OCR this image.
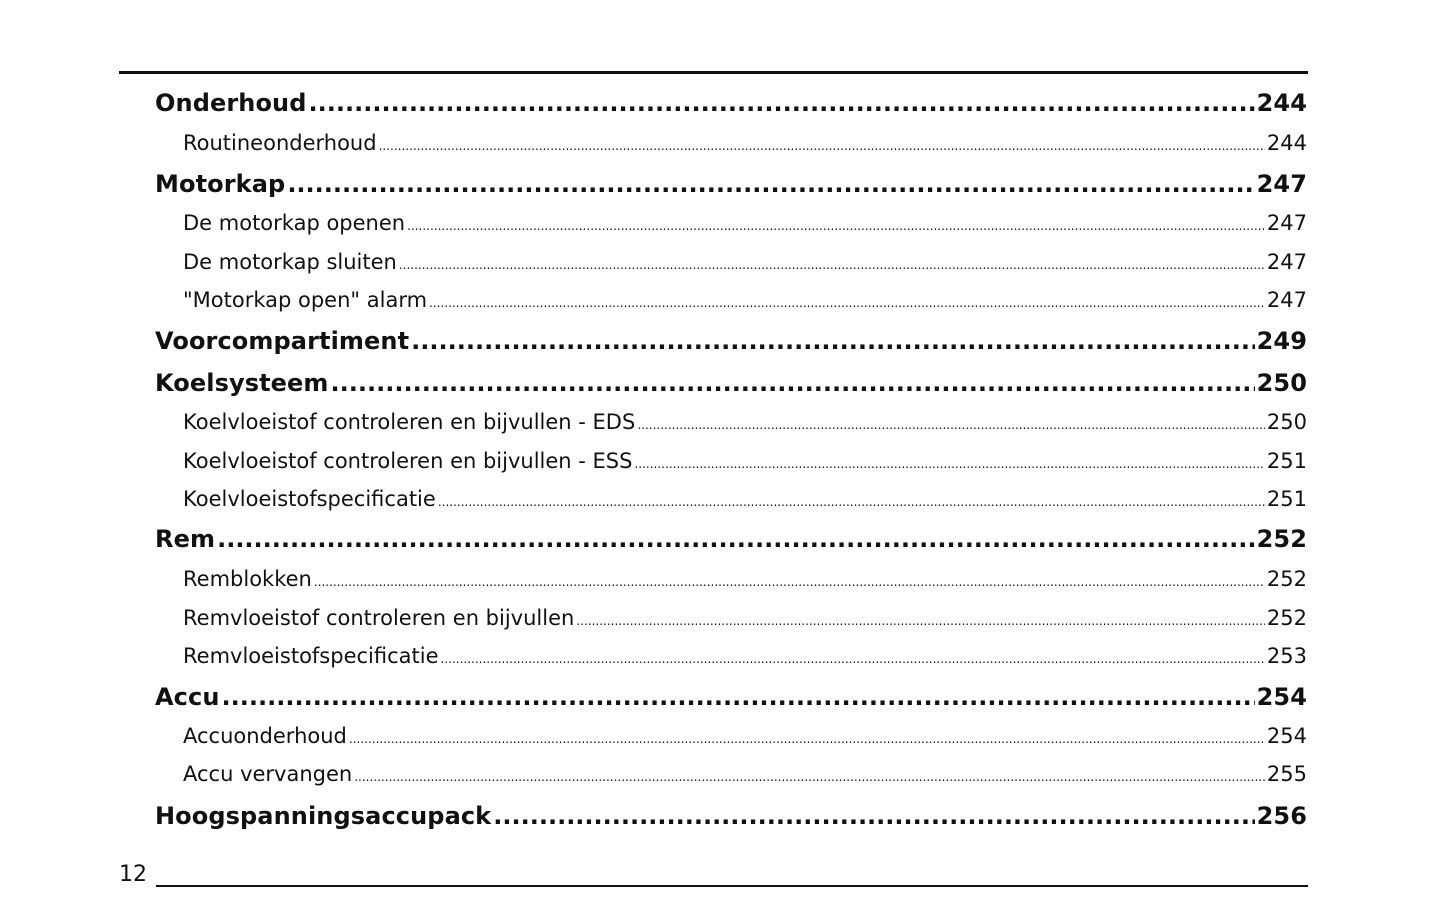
Onderhoud .....	244
Routineonderhoud .....	244
Motorkap .....	247
De motorkap openen .....	247
De motorkap sluiten .....	247
"Motorkap open" alarm .....	247
Voorcompartiment .....	249
Koelsysteem .....	250
Koelvloeistof controleren en bijvullen - EDS .....	250
Koelvloeistof controleren en bijvullen - ESS .....	251
Koelvloeistofspecificatie .....	251
Rem .....	252
Remblokken .....	252
Remvloeistof controleren en bijvullen .....	252
Remvloeistofspecificatie .....	253
Accu .....	254
Accuonderhoud .....	254
Accu vervangen .....	255
Hoogspanningsaccupack .....	256
12
